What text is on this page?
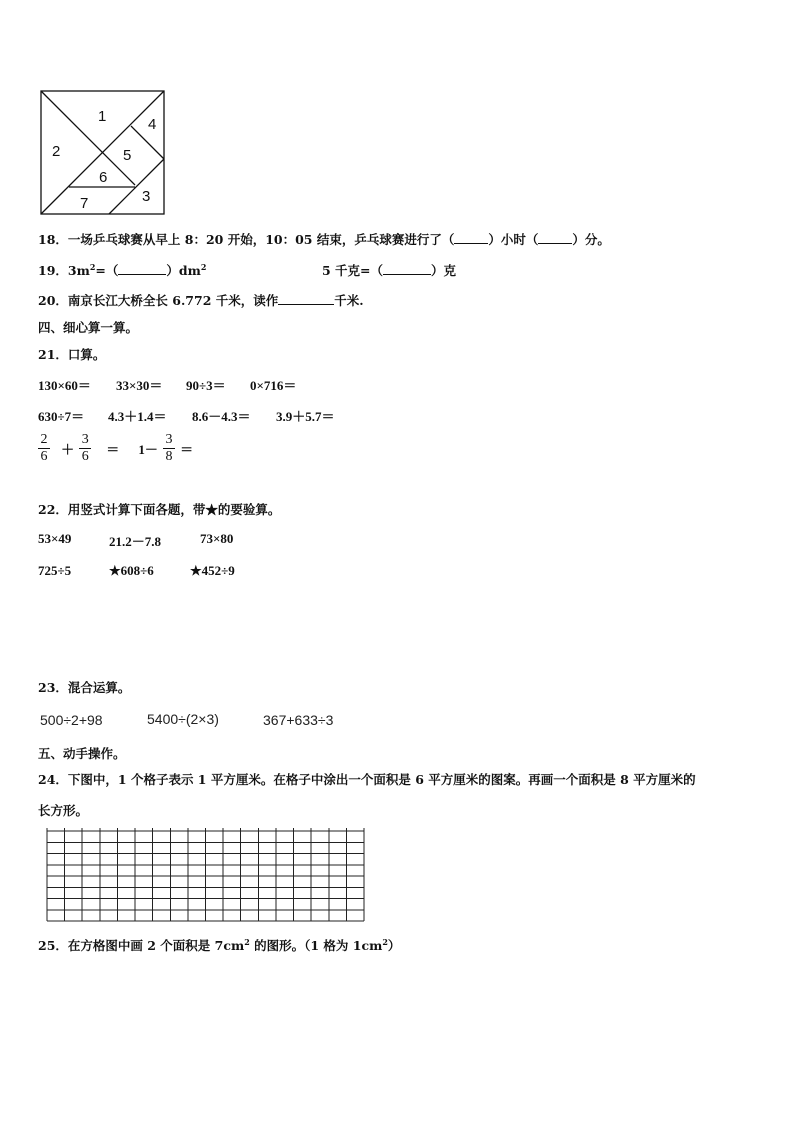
1
2
4
5
6
3
7
18．一场乒乓球赛从早上 8：20 开始，10：05 结束，乒乓球赛进行了（	）小时（	）分。
19．$3m^2=$（	）$dm^2$	5 千克=（	）克
20．南京长江大桥全长 6.772 千米，读作	千米.
四、细心算一算。
21．口算。
130×60＝ 33×30＝ 90÷3＝ 0×716＝
630÷7＝ 4.3＋1.4＝ 8.6－4.3＝ 3.9＋5.7＝
$\frac{2}{6} + \frac{3}{6} = 1- \frac{3}{8}$ ＝
22．用竖式计算下面各题，带★的要验算。
53×49	21.2－7.8	73×80
725÷5	★608÷6	★452÷9
23．混合运算。
500÷2+98	5400÷(2×3)	367+633÷3
五、动手操作。
24．下图中，1 个格子表示 1 平方厘米。在格子中涂出一个面积是 6 平方厘米的图案。再画一个面积是 8 平方厘米的
长方形。
25．在方格图中画 2 个面积是 $7cm^2$ 的图形。（1 格为 $1cm^2$）
